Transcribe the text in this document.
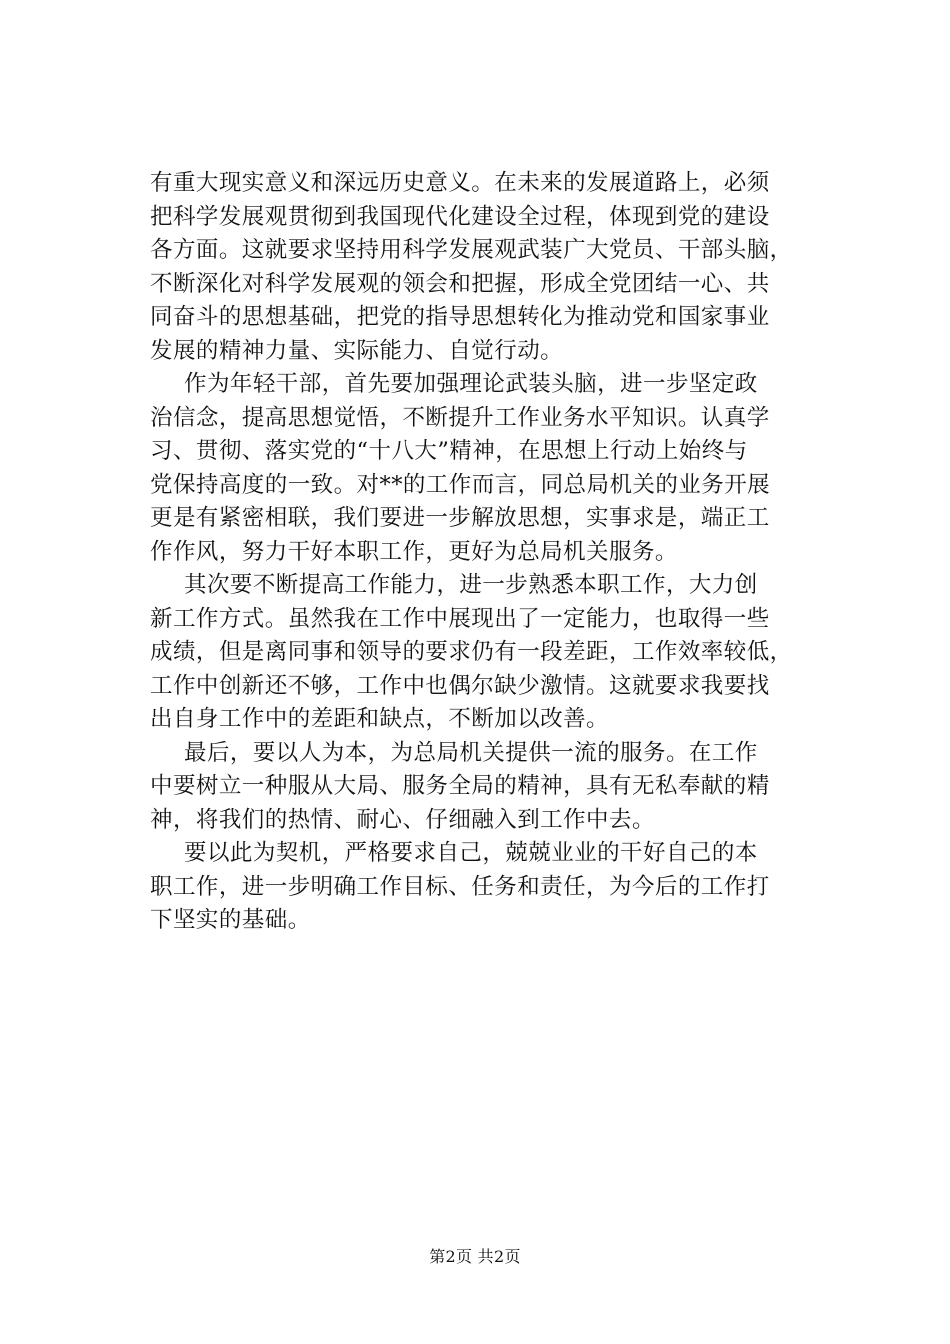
有重大现实意义和深远历史意义。在未来的发展道路上，必须

把科学发展观贯彻到我国现代化建设全过程，体现到党的建设

各方面。这就要求坚持用科学发展观武装广大党员、干部头脑，

不断深化对科学发展观的领会和把握，形成全党团结一心、共

同奋斗的思想基础，把党的指导思想转化为推动党和国家事业

发展的精神力量、实际能力、自觉行动。

作为年轻干部，首先要加强理论武装头脑，进一步坚定政

治信念，提高思想觉悟，不断提升工作业务水平知识。认真学

习、贯彻、落实党的“十八大”精神，在思想上行动上始终与

党保持高度的一致。对**的工作而言，同总局机关的业务开展

更是有紧密相联，我们要进一步解放思想，实事求是，端正工

作作风，努力干好本职工作，更好为总局机关服务。

其次要不断提高工作能力，进一步熟悉本职工作，大力创

新工作方式。虽然我在工作中展现出了一定能力，也取得一些

成绩，但是离同事和领导的要求仍有一段差距，工作效率较低，

工作中创新还不够，工作中也偶尔缺少激情。这就要求我要找

出自身工作中的差距和缺点，不断加以改善。

最后，要以人为本，为总局机关提供一流的服务。在工作

中要树立一种服从大局、服务全局的精神，具有无私奉献的精

神，将我们的热情、耐心、仔细融入到工作中去。

要以此为契机，严格要求自己，兢兢业业的干好自己的本

职工作，进一步明确工作目标、任务和责任，为今后的工作打

下坚实的基础。

第2页 共2页
